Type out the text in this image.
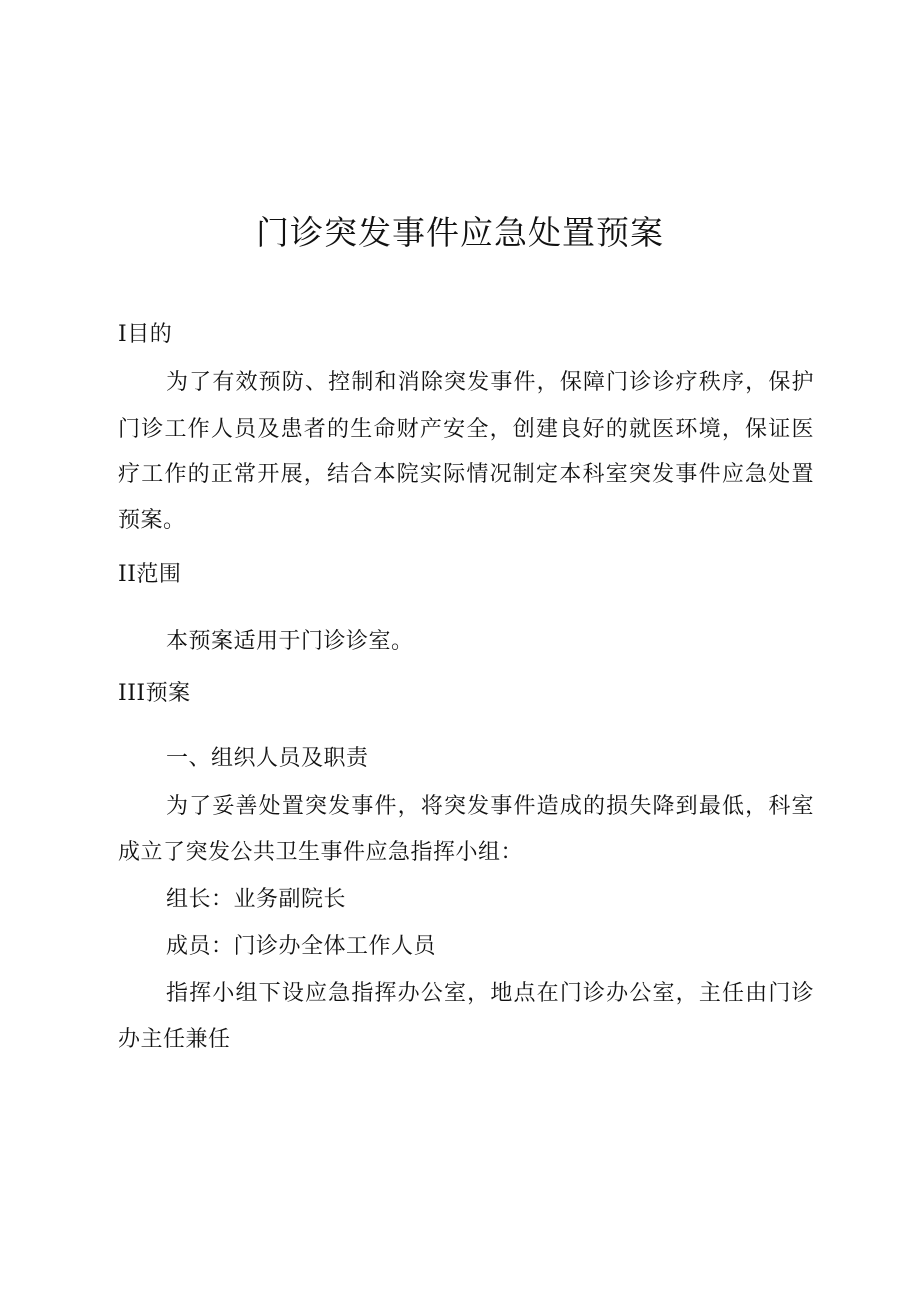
门诊突发事件应急处置预案
I目的
为了有效预防、控制和消除突发事件，保障门诊诊疗秩序，保护
门诊工作人员及患者的生命财产安全，创建良好的就医环境，保证医
疗工作的正常开展，结合本院实际情况制定本科室突发事件应急处置
预案。
II范围
本预案适用于门诊诊室。
III预案
一、组织人员及职责
为了妥善处置突发事件，将突发事件造成的损失降到最低，科室
成立了突发公共卫生事件应急指挥小组：
组长：业务副院长
成员：门诊办全体工作人员
指挥小组下设应急指挥办公室，地点在门诊办公室，主任由门诊
办主任兼任
